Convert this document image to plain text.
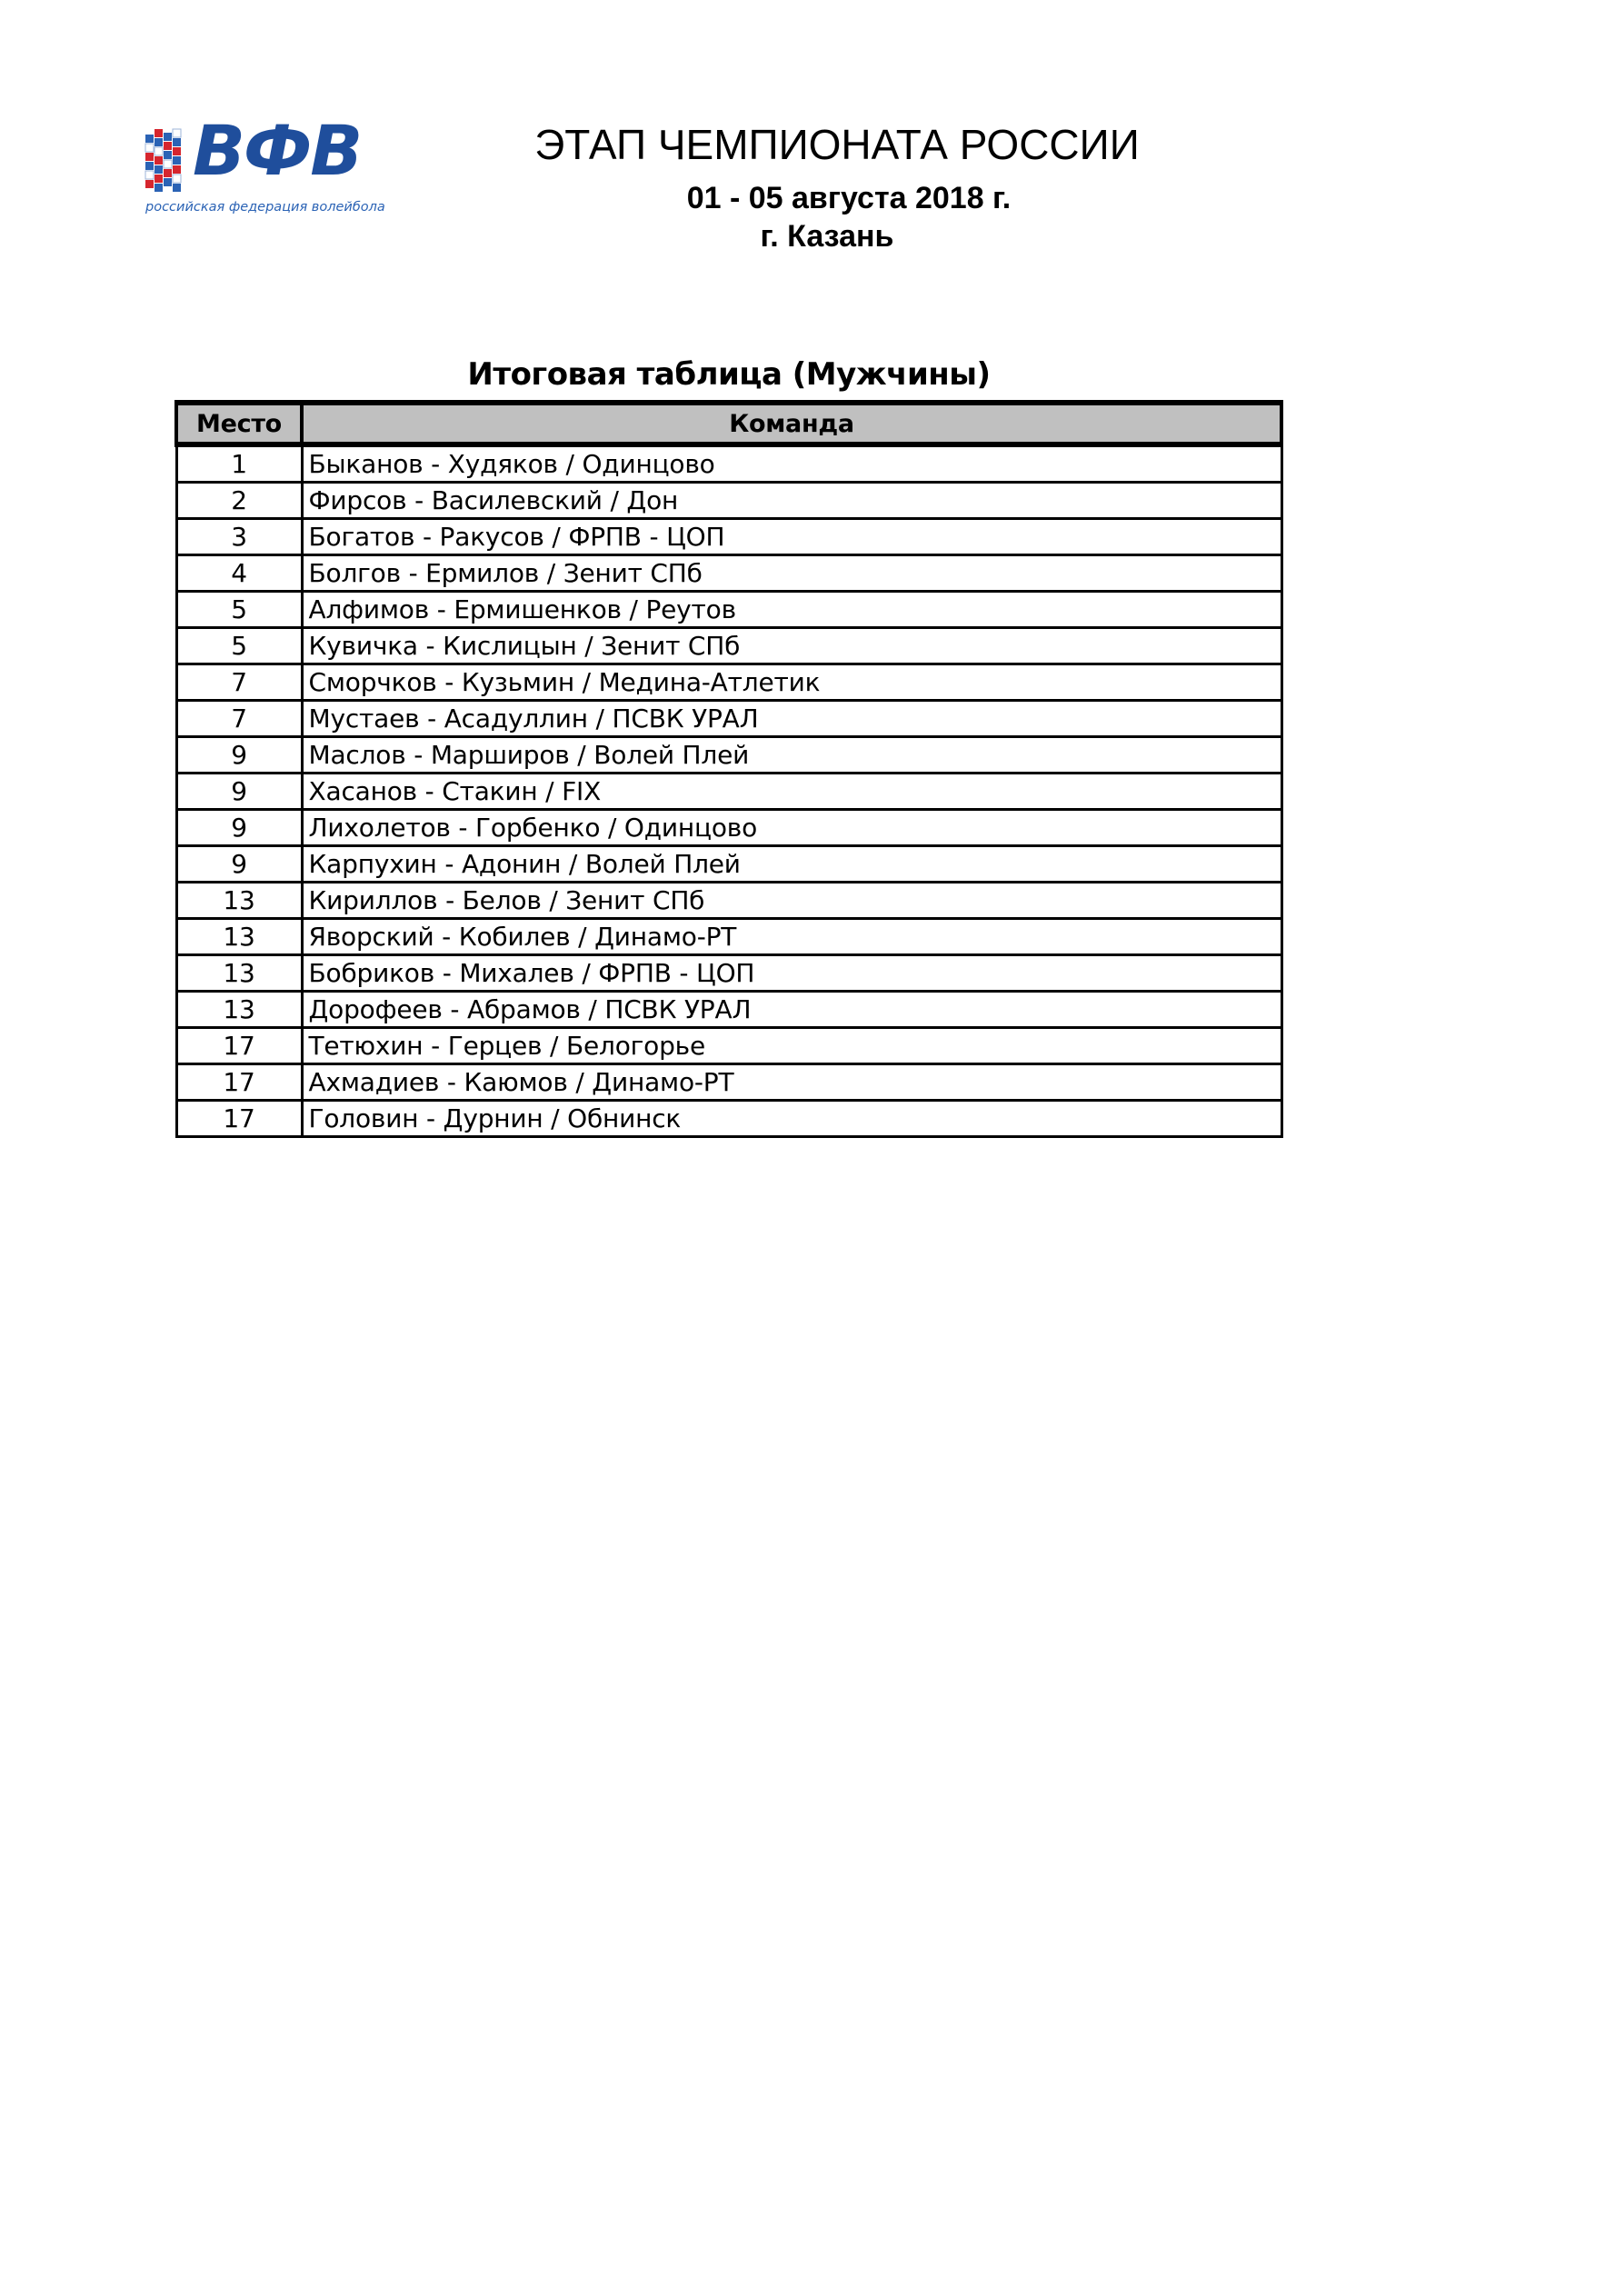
ВФВ
российская федерация волейбола
ЭТАП ЧЕМПИОНАТА РОССИИ
01 - 05 августа 2018 г.
г. Казань
Итоговая таблица (Мужчины)
Место	Команда
1	Быканов - Худяков / Одинцово
2	Фирсов - Василевский / Дон
3	Богатов - Ракусов / ФРПВ - ЦОП
4	Болгов - Ермилов / Зенит СПб
5	Алфимов - Ермишенков / Реутов
5	Кувичка - Кислицын / Зенит СПб
7	Сморчков - Кузьмин / Медина-Атлетик
7	Мустаев - Асадуллин / ПСВК УРАЛ
9	Маслов - Марширов / Волей Плей
9	Хасанов - Стакин / FIX
9	Лихолетов - Горбенко / Одинцово
9	Карпухин - Адонин / Волей Плей
13	Кириллов - Белов / Зенит СПб
13	Яворский - Кобилев / Динамо-РТ
13	Бобриков - Михалев / ФРПВ - ЦОП
13	Дорофеев - Абрамов / ПСВК УРАЛ
17	Тетюхин - Герцев / Белогорье
17	Ахмадиев - Каюмов / Динамо-РТ
17	Головин - Дурнин / Обнинск
